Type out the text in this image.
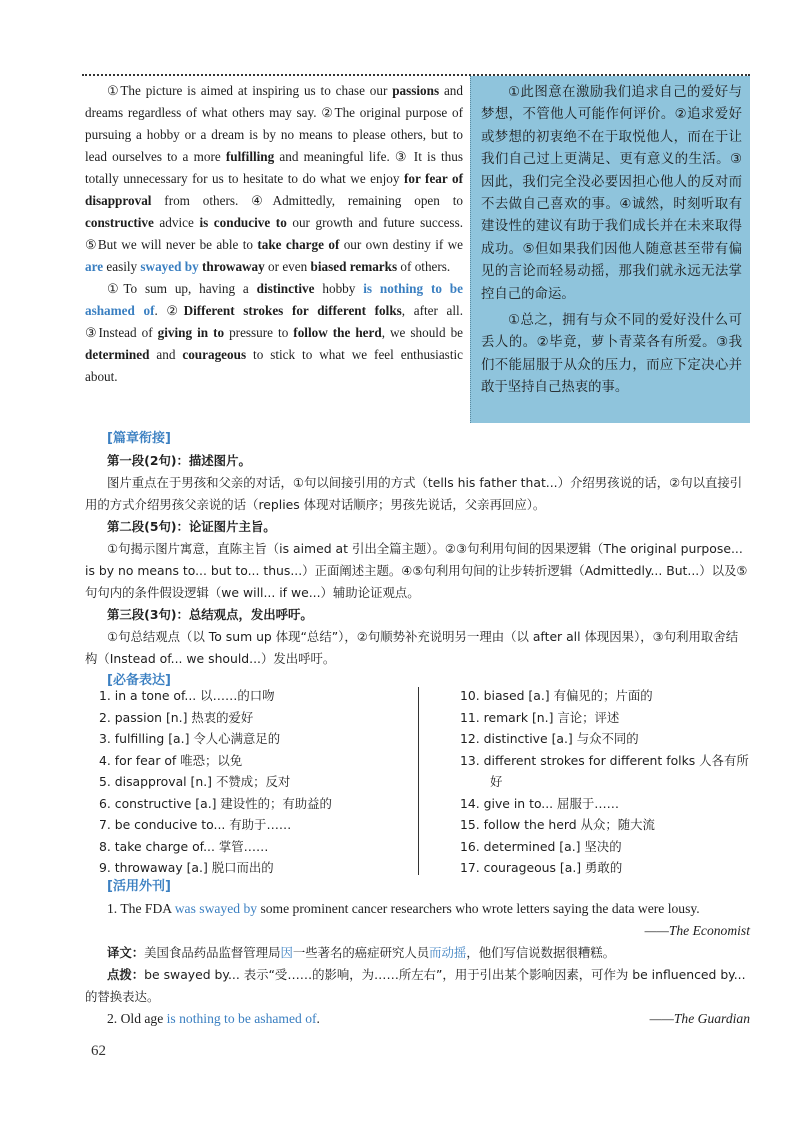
①The picture is aimed at inspiring us to chase our passions and dreams regardless of what others may say. ②The original purpose of pursuing a hobby or a dream is by no means to please others, but to lead ourselves to a more fulfilling and meaningful life. ③ It is thus totally unnecessary for us to hesitate to do what we enjoy for fear of disapproval from others. ④Admittedly, remaining open to constructive advice is conducive to our growth and future success. ⑤But we will never be able to take charge of our own destiny if we are easily swayed by throwaway or even biased remarks of others.

①To sum up, having a distinctive hobby is nothing to be ashamed of. ②Different strokes for different folks, after all. ③Instead of giving in to pressure to follow the herd, we should be determined and courageous to stick to what we feel enthusiastic about.

①此图意在激励我们追求自己的爱好与梦想，不管他人可能作何评价。②追求爱好或梦想的初衷绝不在于取悦他人，而在于让我们自己过上更满足、更有意义的生活。③因此，我们完全没必要因担心他人的反对而不去做自己喜欢的事。④诚然，时刻听取有建设性的建议有助于我们成长并在未来取得成功。⑤但如果我们因他人随意甚至带有偏见的言论而轻易动摇，那我们就永远无法掌控自己的命运。

①总之，拥有与众不同的爱好没什么可丢人的。②毕竟，萝卜青菜各有所爱。③我们不能屈服于从众的压力，而应下定决心并敢于坚持自己热衷的事。

[篇章衔接]
第一段(2句)：描述图片。

图片重点在于男孩和父亲的对话，①句以间接引用的方式（tells his father that...）介绍男孩说的话，②句以直接引用的方式介绍男孩父亲说的话（replies 体现对话顺序；男孩先说话，父亲再回应）。

第二段(5句)：论证图片主旨。

①句揭示图片寓意，直陈主旨（is aimed at 引出全篇主题）。②③句利用句间的因果逻辑（The original purpose... is by no means to... but to... thus...）正面阐述主题。④⑤句利用句间的让步转折逻辑（Admittedly... But...）以及⑤句句内的条件假设逻辑（we will... if we...）辅助论证观点。

第三段(3句)：总结观点，发出呼吁。

①句总结观点（以 To sum up 体现“总结”），②句顺势补充说明另一理由（以 after all 体现因果），③句利用取舍结构（Instead of... we should...）发出呼吁。

[必备表达]
1. in a tone of... 以……的口吻
2. passion [n.] 热衷的爱好
3. fulfilling [a.] 令人心满意足的
4. for fear of 唯恐；以免
5. disapproval [n.] 不赞成；反对
6. constructive [a.] 建设性的；有助益的
7. be conducive to... 有助于……
8. take charge of... 掌管……
9. throwaway [a.] 脱口而出的
10. biased [a.] 有偏见的；片面的
11. remark [n.] 言论；评述
12. distinctive [a.] 与众不同的
13. different strokes for different folks 人各有所好
14. give in to... 屈服于……
15. follow the herd 从众；随大流
16. determined [a.] 坚决的
17. courageous [a.] 勇敢的
[活用外刊]

1. The FDA was swayed by some prominent cancer researchers who wrote letters saying the data were lousy.

——The Economist

译文：美国食品药品监督管理局因一些著名的癌症研究人员而动摇，他们写信说数据很糟糕。

点拨：be swayed by... 表示“受……的影响，为……所左右”，用于引出某个影响因素，可作为 be influenced by... 的替换表达。

2. Old age is nothing to be ashamed of.	——The Guardian

62
